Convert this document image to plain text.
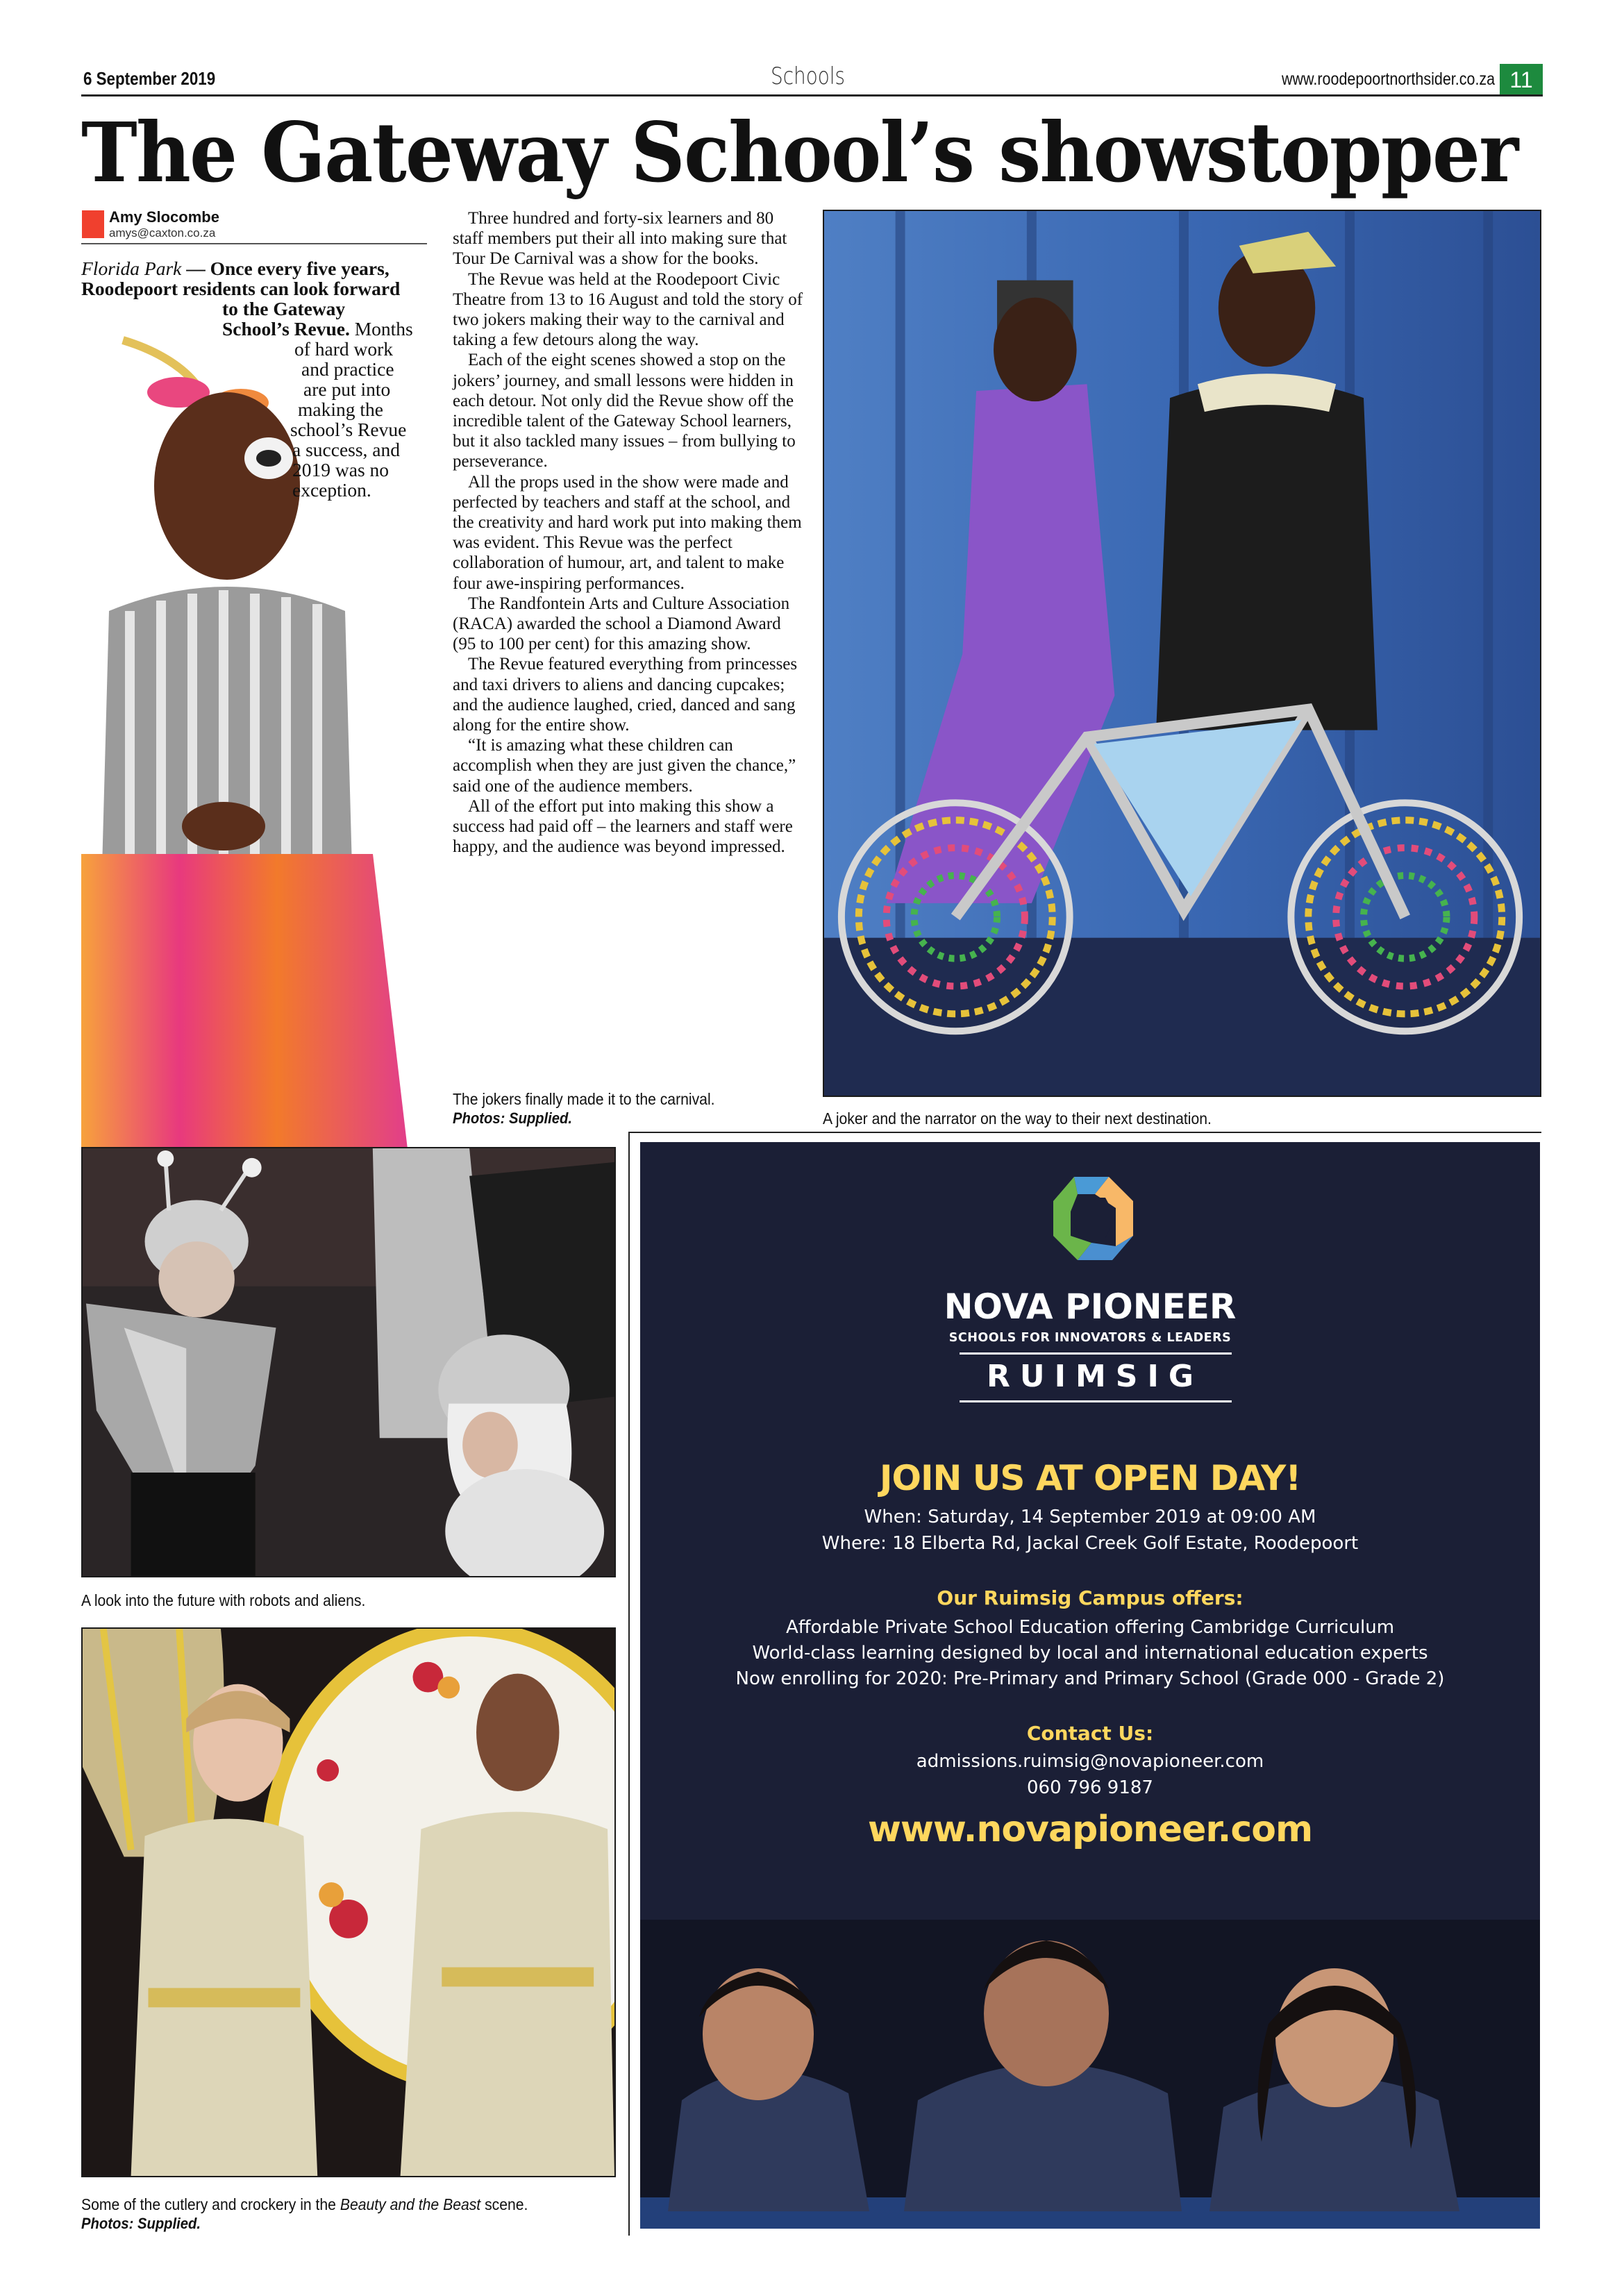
6 September 2019	Schools	www.roodepoortnorthsider.co.za 11
The Gateway School’s showstopper
Amy Slocombe
amys@caxton.co.za
Florida Park — Once every five years,
Roodepoort residents can look forward
to the Gateway
School’s Revue. Months
of hard work
and practice
are put into
making the
school’s Revue
a success, and
2019 was no
exception.

Three hundred and forty-six learners and 80 staff members put their all into making sure that Tour De Carnival was a show for the books.

The Revue was held at the Roodepoort Civic Theatre from 13 to 16 August and told the story of two jokers making their way to the carnival and taking a few detours along the way.

Each of the eight scenes showed a stop on the jokers’ journey, and small lessons were hidden in each detour. Not only did the Revue show off the incredible talent of the Gateway School learners, but it also tackled many issues – from bullying to perseverance.

All the props used in the show were made and perfected by teachers and staff at the school, and the creativity and hard work put into making them was evident. This Revue was the perfect collaboration of humour, art, and talent to make four awe-inspiring performances.

The Randfontein Arts and Culture Association (RACA) awarded the school a Diamond Award (95 to 100 per cent) for this amazing show.

The Revue featured everything from princesses and taxi drivers to aliens and dancing cupcakes; and the audience laughed, cried, danced and sang along for the entire show.

“It is amazing what these children can accomplish when they are just given the chance,” said one of the audience members.

All of the effort put into making this show a success had paid off – the learners and staff were happy, and the audience was beyond impressed.

The jokers finally made it to the carnival.
Photos: Supplied.	A joker and the narrator on the way to their next destination.
A look into the future with robots and aliens.
Some of the cutlery and crockery in the Beauty and the Beast scene.
Photos: Supplied.
NOVA PIONEER
SCHOOLS FOR INNOVATORS & LEADERS
RUIMSIG
JOIN US AT OPEN DAY!
When: Saturday, 14 September 2019 at 09:00 AM
Where: 18 Elberta Rd, Jackal Creek Golf Estate, Roodepoort
Our Ruimsig Campus offers:
Affordable Private School Education offering Cambridge Curriculum
World-class learning designed by local and international education experts
Now enrolling for 2020: Pre-Primary and Primary School (Grade 000 - Grade 2)
Contact Us:
admissions.ruimsig@novapioneer.com
060 796 9187
www.novapioneer.com
